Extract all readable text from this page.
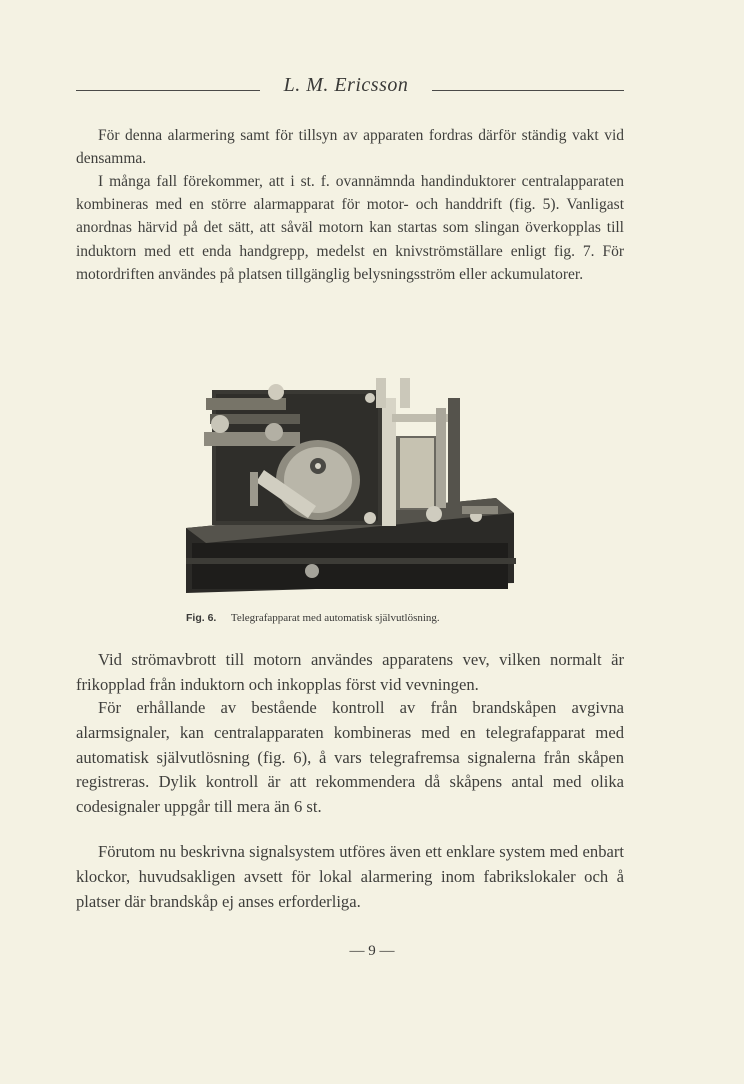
L. M. Ericsson

För denna alarmering samt för tillsyn av apparaten fordras därför ständig vakt vid densamma.

I många fall förekommer, att i st. f. ovannämnda handinduktorer centralapparaten kombineras med en större alarmapparat för motor- och handdrift (fig. 5). Vanligast anordnas härvid på det sätt, att såväl motorn kan startas som slingan överkopplas till induktorn med ett enda handgrepp, medelst en knivströmställare enligt fig. 7. För motordriften användes på platsen tillgänglig belysningsström eller ackumulatorer.

Fig. 6. Telegrafapparat med automatisk självutlösning.

Vid strömavbrott till motorn användes apparatens vev, vilken normalt är frikopplad från induktorn och inkopplas först vid vevningen.

För erhållande av bestående kontroll av från brandskåpen avgivna alarmsignaler, kan centralapparaten kombineras med en telegrafapparat med automatisk självutlösning (fig. 6), å vars telegrafremsa signalerna från skåpen registreras. Dylik kontroll är att rekommendera då skåpens antal med olika codesignaler uppgår till mera än 6 st.

Förutom nu beskrivna signalsystem utföres även ett enklare system med enbart klockor, huvudsakligen avsett för lokal alarmering inom fabrikslokaler och å platser där brandskåp ej anses erforderliga.

— 9 —
